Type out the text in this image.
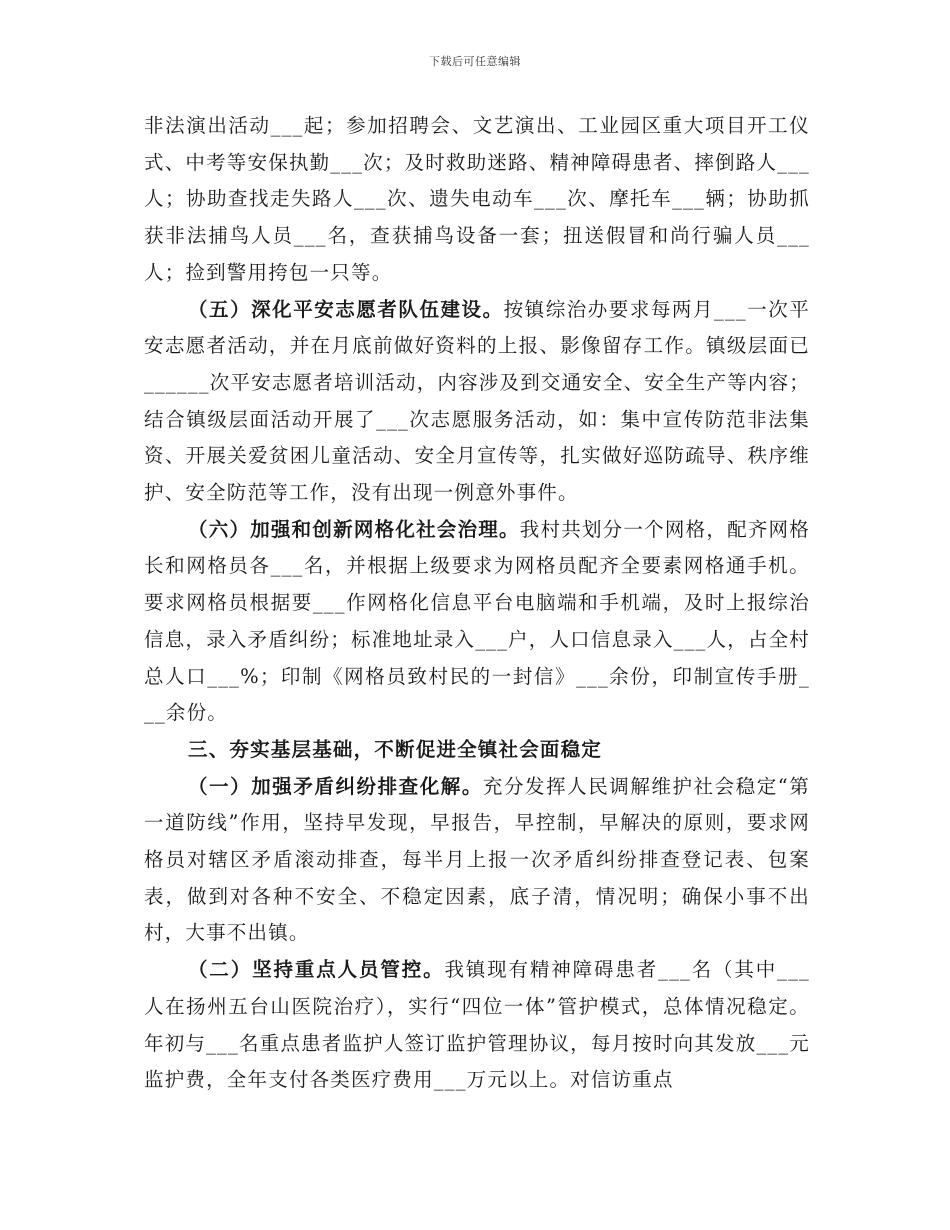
下载后可任意编辑

非法演出活动___起；参加招聘会、文艺演出、工业园区重大项目开工仪式、中考等安保执勤___次；及时救助迷路、精神障碍患者、摔倒路人___人；协助查找走失路人___次、遗失电动车___次、摩托车___辆；协助抓获非法捕鸟人员___名，查获捕鸟设备一套；扭送假冒和尚行骗人员___人；捡到警用挎包一只等。

（五）深化平安志愿者队伍建设。按镇综治办要求每两月___一次平安志愿者活动，并在月底前做好资料的上报、影像留存工作。镇级层面已______次平安志愿者培训活动，内容涉及到交通安全、安全生产等内容；结合镇级层面活动开展了___次志愿服务活动，如：集中宣传防范非法集资、开展关爱贫困儿童活动、安全月宣传等，扎实做好巡防疏导、秩序维护、安全防范等工作，没有出现一例意外事件。

（六）加强和创新网格化社会治理。我村共划分一个网格，配齐网格长和网格员各___名，并根据上级要求为网格员配齐全要素网格通手机。要求网格员根据要___作网格化信息平台电脑端和手机端，及时上报综治信息，录入矛盾纠纷；标准地址录入___户，人口信息录入___人，占全村总人口___%；印制《网格员致村民的一封信》___余份，印制宣传手册___余份。

三、夯实基层基础，不断促进全镇社会面稳定

（一）加强矛盾纠纷排查化解。充分发挥人民调解维护社会稳定“第一道防线”作用，坚持早发现，早报告，早控制，早解决的原则，要求网格员对辖区矛盾滚动排查，每半月上报一次矛盾纠纷排查登记表、包案表，做到对各种不安全、不稳定因素，底子清，情况明；确保小事不出村，大事不出镇。

（二）坚持重点人员管控。我镇现有精神障碍患者___名（其中___人在扬州五台山医院治疗），实行“四位一体”管护模式，总体情况稳定。年初与___名重点患者监护人签订监护管理协议，每月按时向其发放___元监护费，全年支付各类医疗费用___万元以上。对信访重点
